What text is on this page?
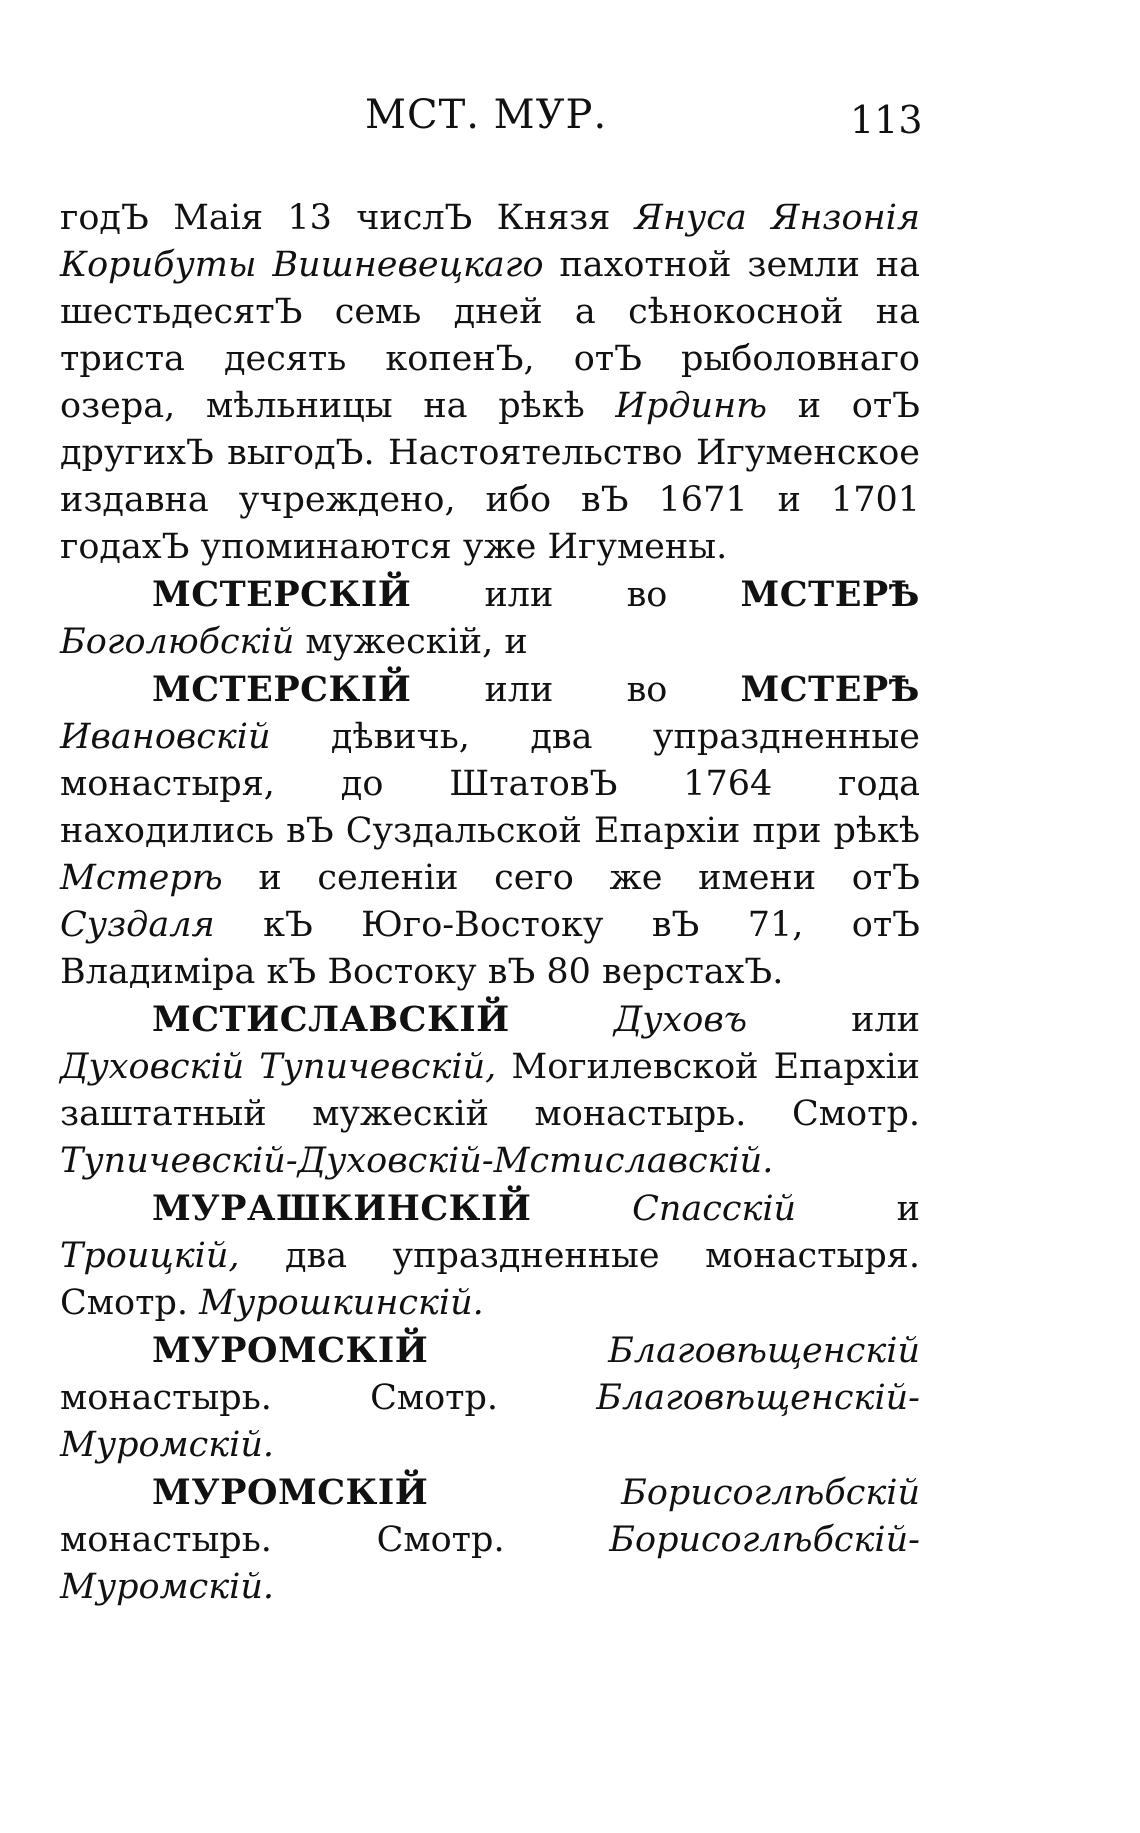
МСТ. МУР.	113

годЪ Маія 13 числЪ Князя Януса Янзонія Корибуты Вишневецкаго пахотной земли на шестьдесятЪ семь дней а сѣнокосной на триста десять копенЪ, отЪ рыболовнаго озера, мѣльницы на рѣкѣ Ирдинѣ и отЪ другихЪ выгодЪ. Настоятельство Игуменское издавна учреждено, ибо вЪ 1671 и 1701 годахЪ упоминаются уже Игумены.

МСТЕРСКІЙ или во МСТЕРѢ Боголюбскій мужескій, и

МСТЕРСКІЙ или во МСТЕРѢ Ивановскій дѣвичь, два упраздненные монастыря, до ШтатовЪ 1764 года находились вЪ Суздальской Епархіи при рѣкѣ Мстерѣ и селеніи сего же имени отЪ Суздаля кЪ Юго-Востоку вЪ 71, отЪ Владиміра кЪ Востоку вЪ 80 верстахЪ.

МСТИСЛАВСКІЙ	Духовъ или Духовскій Тупичевскій, Могилевской Епархіи заштатный мужескій монастырь. Смотр. Тупичевскій-Духовскій-Мстиславскій.

МУРАШКИНСКІЙ	Спасскій и Троицкій, два упраздненные монастыря. Смотр. Мурошкинскій.

МУРОМСКІЙ	Благовѣщенскій монастырь. Смотр. Благовѣщенскій-Муромскій.

МУРОМСКІЙ	Борисоглѣбскій монастырь. Смотр. Борисоглѣбскій-Муромскій.
